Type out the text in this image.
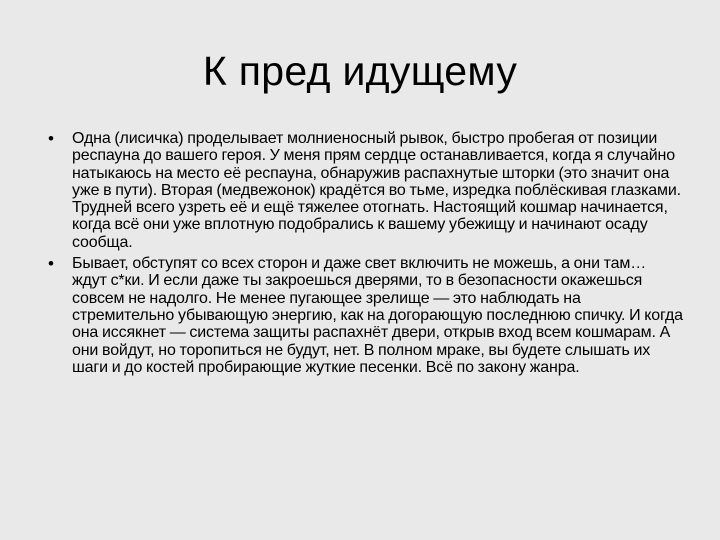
К пред идущему
• Одна (лисичка) проделывает молниеносный рывок, быстро пробегая от позиции респауна до вашего героя. У меня прям сердце останавливается, когда я случайно натыкаюсь на место её респауна, обнаружив распахнутые шторки (это значит она уже в пути). Вторая (медвежонок) крадётся во тьме, изредка поблёскивая глазками. Трудней всего узреть её и ещё тяжелее отогнать. Настоящий кошмар начинается, когда всё они уже вплотную подобрались к вашему убежищу и начинают осаду сообща.
• Бывает, обступят со всех сторон и даже свет включить не можешь, а они там… ждут с*ки. И если даже ты закроешься дверями, то в безопасности окажешься совсем не надолго. Не менее пугающее зрелище — это наблюдать на стремительно убывающую энергию, как на догорающую последнюю спичку. И когда она иссякнет — система защиты распахнёт двери, открыв вход всем кошмарам. А они войдут, но торопиться не будут, нет. В полном мраке, вы будете слышать их шаги и до костей пробирающие жуткие песенки. Всё по закону жанра.
